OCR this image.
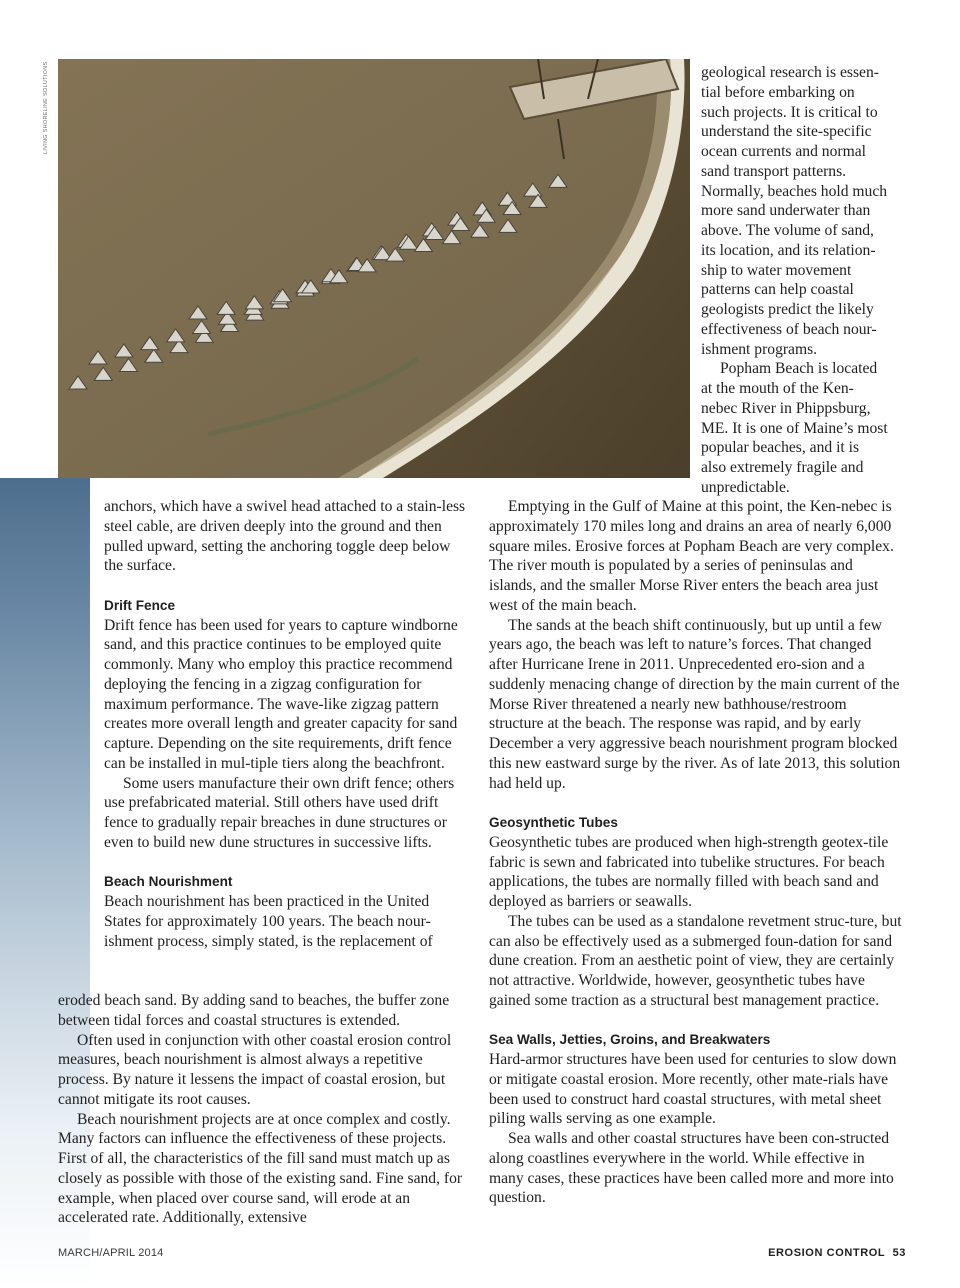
LIVING SHORELINE SOLUTIONS	geological research is essen-
tial before embarking on
such projects. It is critical to
understand the site-specific
ocean currents and normal
sand transport patterns.
Normally, beaches hold much
more sand underwater than
above. The volume of sand,
its location, and its relation-
ship to water movement
patterns can help coastal
geologists predict the likely
effectiveness of beach nour-
ishment programs.
Popham Beach is located
at the mouth of the Ken-
nebec River in Phippsburg,
ME. It is one of Maine’s most
popular beaches, and it is
also extremely fragile and
unpredictable.

anchors, which have a swivel head attached to a stain-less steel cable, are driven deeply into the ground and then pulled upward, setting the anchoring toggle deep below the surface.

Drift Fence

Drift fence has been used for years to capture windborne sand, and this practice continues to be employed quite commonly. Many who employ this practice recommend deploying the fencing in a zigzag configuration for maximum performance. The wave-like zigzag pattern creates more overall length and greater capacity for sand capture. Depending on the site requirements, drift fence can be installed in mul-tiple tiers along the beachfront.

Some users manufacture their own drift fence; others use prefabricated material. Still others have used drift fence to gradually repair breaches in dune structures or even to build new dune structures in successive lifts.

Beach Nourishment

Beach nourishment has been practiced in the United States for approximately 100 years. The beach nour-ishment process, simply stated, is the replacement of

eroded beach sand. By adding sand to beaches, the buffer zone between tidal forces and coastal structures is extended.

Often used in conjunction with other coastal erosion control measures, beach nourishment is almost always a repetitive process. By nature it lessens the impact of coastal erosion, but cannot mitigate its root causes.

Beach nourishment projects are at once complex and costly. Many factors can influence the effectiveness of these projects. First of all, the characteristics of the fill sand must match up as closely as possible with those of the existing sand. Fine sand, for example, when placed over course sand, will erode at an accelerated rate. Additionally, extensive

Emptying in the Gulf of Maine at this point, the Ken-nebec is approximately 170 miles long and drains an area of nearly 6,000 square miles. Erosive forces at Popham Beach are very complex. The river mouth is populated by a series of peninsulas and islands, and the smaller Morse River enters the beach area just west of the main beach.

The sands at the beach shift continuously, but up until a few years ago, the beach was left to nature’s forces. That changed after Hurricane Irene in 2011. Unprecedented ero-sion and a suddenly menacing change of direction by the main current of the Morse River threatened a nearly new bathhouse/restroom structure at the beach. The response was rapid, and by early December a very aggressive beach nourishment program blocked this new eastward surge by the river. As of late 2013, this solution had held up.

Geosynthetic Tubes

Geosynthetic tubes are produced when high-strength geotex-tile fabric is sewn and fabricated into tubelike structures. For beach applications, the tubes are normally filled with beach sand and deployed as barriers or seawalls.

The tubes can be used as a standalone revetment struc-ture, but can also be effectively used as a submerged foun-dation for sand dune creation. From an aesthetic point of view, they are certainly not attractive. Worldwide, however, geosynthetic tubes have gained some traction as a structural best management practice.

Sea Walls, Jetties, Groins, and Breakwaters

Hard-armor structures have been used for centuries to slow down or mitigate coastal erosion. More recently, other mate-rials have been used to construct hard coastal structures, with metal sheet piling walls serving as one example.

Sea walls and other coastal structures have been con-structed along coastlines everywhere in the world. While effective in many cases, these practices have been called more and more into question.

MARCH/APRIL 2014	EROSION CONTROL 53
